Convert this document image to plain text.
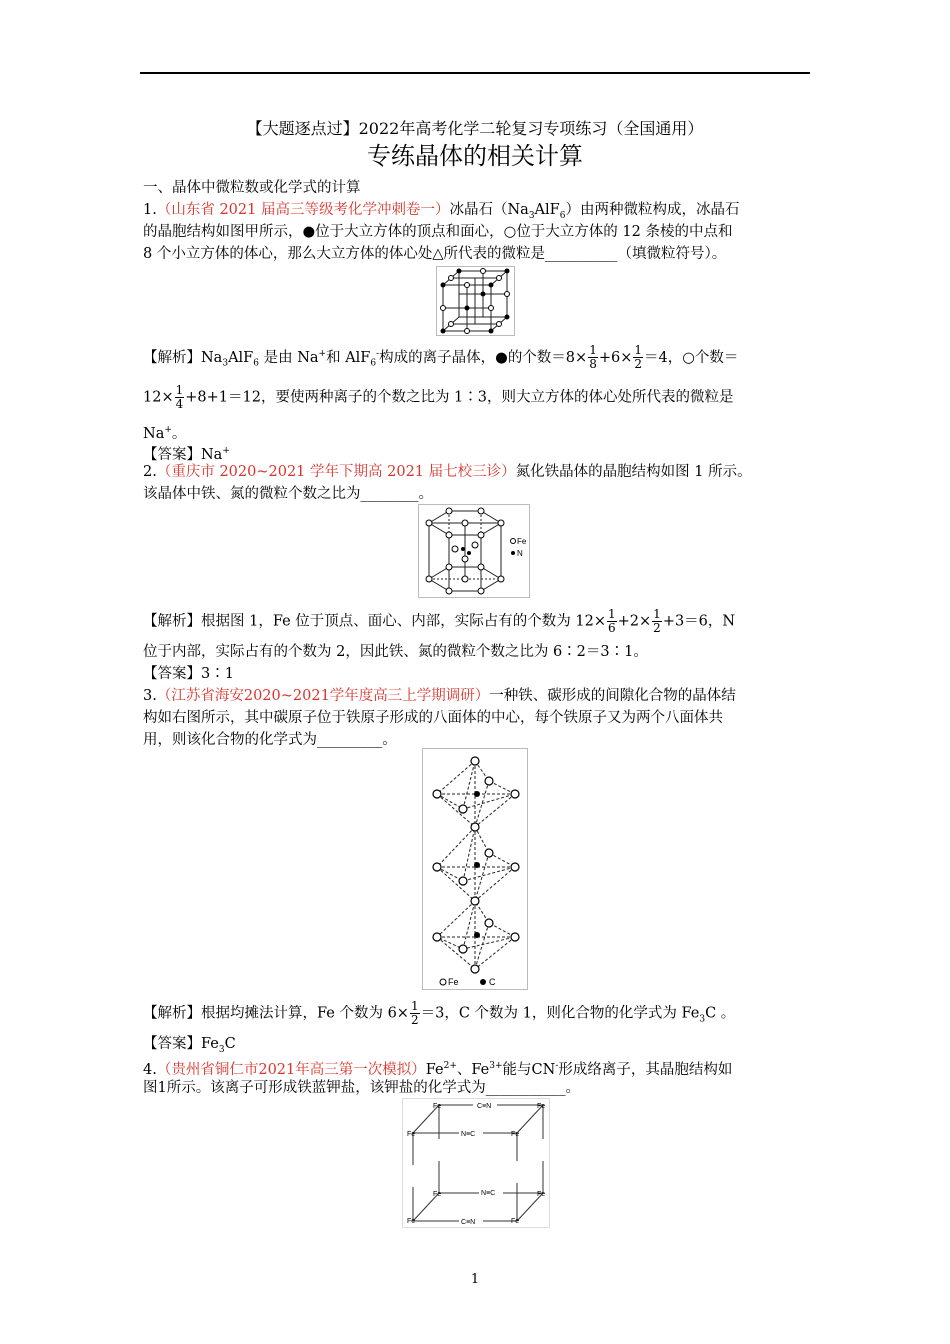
【大题逐点过】2022年高考化学二轮复习专项练习（全国通用）
专练晶体的相关计算
一、晶体中微粒数或化学式的计算
1.（山东省 2021 届高三等级考化学冲刺卷一）冰晶石$(Na_3AlF_6)$由两种微粒构成，冰晶石
的晶胞结构如图甲所示，●位于大立方体的顶点和面心，○位于大立方体的 12 条棱的中点和
8 个小立方体的体心，那么大立方体的体心处△所代表的微粒是__________（填微粒符号）。
【解析】$Na_3AlF_6$ 是由 Na+和 AlF$_6$-构成的离子晶体，●的个数$=8\times \frac{1}{8} +6\times \frac{1}{2} =4$，○个数＝
$12\times \frac{1}{4} +8+1=12$，要使两种离子的个数之比为 1∶3，则大立方体的体心处所代表的微粒是
Na+。
【答案】Na+
2.（重庆市 2020~2021 学年下期高 2021 届七校三诊）氮化铁晶体的晶胞结构如图 1 所示。
该晶体中铁、氮的微粒个数之比为________。
Fe
N
【解析】根据图 1，Fe 位于顶点、面心、内部，实际占有的个数为 $12\times \frac{1}{6} +2\times \frac{1}{2} +3=6$，N
位于内部，实际占有的个数为 2，因此铁、氮的微粒个数之比为 6∶2＝3∶1。
【答案】3∶1
3.（江苏省海安2020~2021学年度高三上学期调研）一种铁、碳形成的间隙化合物的晶体结
构如右图所示，其中碳原子位于铁原子形成的八面体的中心，每个铁原子又为两个八面体共
用，则该化合物的化学式为_________。
Fe	C
【解析】根据均摊法计算，Fe 个数为 $6\times \frac{1}{2} =3$，C 个数为 1，则化合物的化学式为 $Fe_3C$ 。
【答案】$Fe_3C$
4.（贵州省铜仁市2021年高三第一次模拟）$Fe^{2+}$、$Fe^{3+}$能与CN-形成络离子，其晶胞结构如
图1所示。该离子可形成铁蓝钾盐，该钾盐的化学式为___________。
Fe	Fe
Fe	Fe
Fe	Fe
Fe	Fe
N≡C
C≡N
C≡N
N≡C
1
